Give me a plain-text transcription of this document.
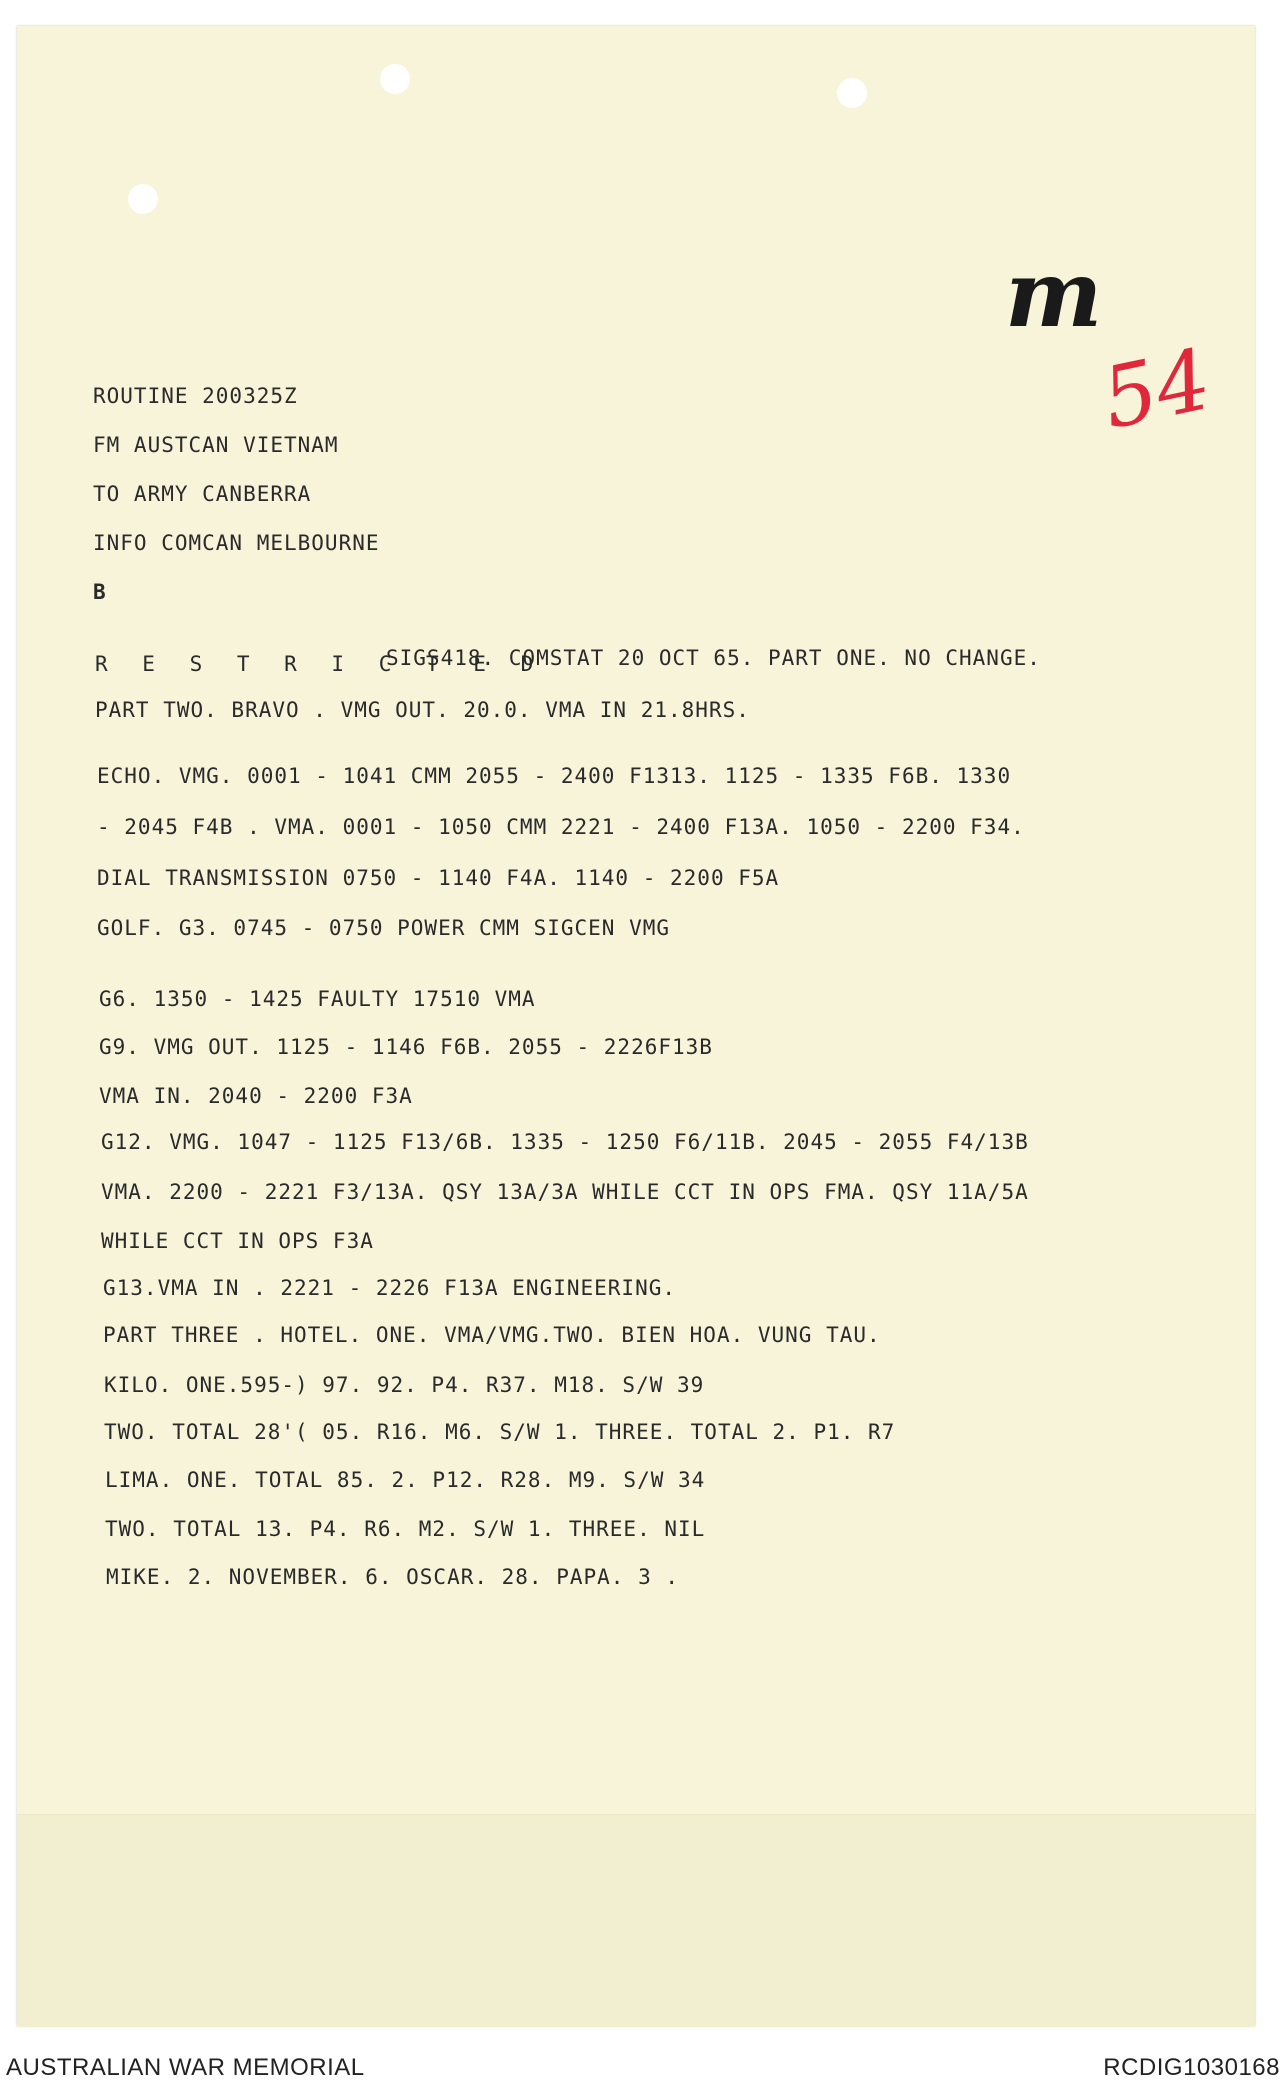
m
54
ROUTINE 200325Z
FM AUSTCAN VIETNAM
TO ARMY CANBERRA
INFO COMCAN MELBOURNE
B
R E S T R I C T E D
SIGS418. COMSTAT 20 OCT 65. PART ONE. NO CHANGE.
PART TWO. BRAVO . VMG OUT. 20.0. VMA IN 21.8HRS.
ECHO. VMG. 0001 - 1041 CMM 2055 - 2400 F1313. 1125 - 1335 F6B. 1330
- 2045 F4B . VMA. 0001 - 1050 CMM 2221 - 2400 F13A. 1050 - 2200 F34.
DIAL TRANSMISSION 0750 - 1140 F4A. 1140 - 2200 F5A
GOLF. G3. 0745 - 0750 POWER CMM SIGCEN VMG
G6. 1350 - 1425 FAULTY 17510 VMA
G9. VMG OUT. 1125 - 1146 F6B. 2055 - 2226F13B
VMA IN. 2040 - 2200 F3A
G12. VMG. 1047 - 1125 F13/6B. 1335 - 1250 F6/11B. 2045 - 2055 F4/13B
VMA. 2200 - 2221 F3/13A. QSY 13A/3A WHILE CCT IN OPS FMA. QSY 11A/5A
WHILE CCT IN OPS F3A
G13.VMA IN . 2221 - 2226 F13A ENGINEERING.
PART THREE . HOTEL. ONE. VMA/VMG.TWO. BIEN HOA. VUNG TAU.
KILO. ONE.595-) 97. 92. P4. R37. M18. S/W 39
TWO. TOTAL 28'( 05. R16. M6. S/W 1. THREE. TOTAL 2. P1. R7
LIMA. ONE. TOTAL 85. 2. P12. R28. M9. S/W 34
TWO. TOTAL 13. P4. R6. M2. S/W 1. THREE. NIL
MIKE. 2. NOVEMBER. 6. OSCAR. 28. PAPA. 3 .
AUSTRALIAN WAR MEMORIAL	RCDIG1030168
